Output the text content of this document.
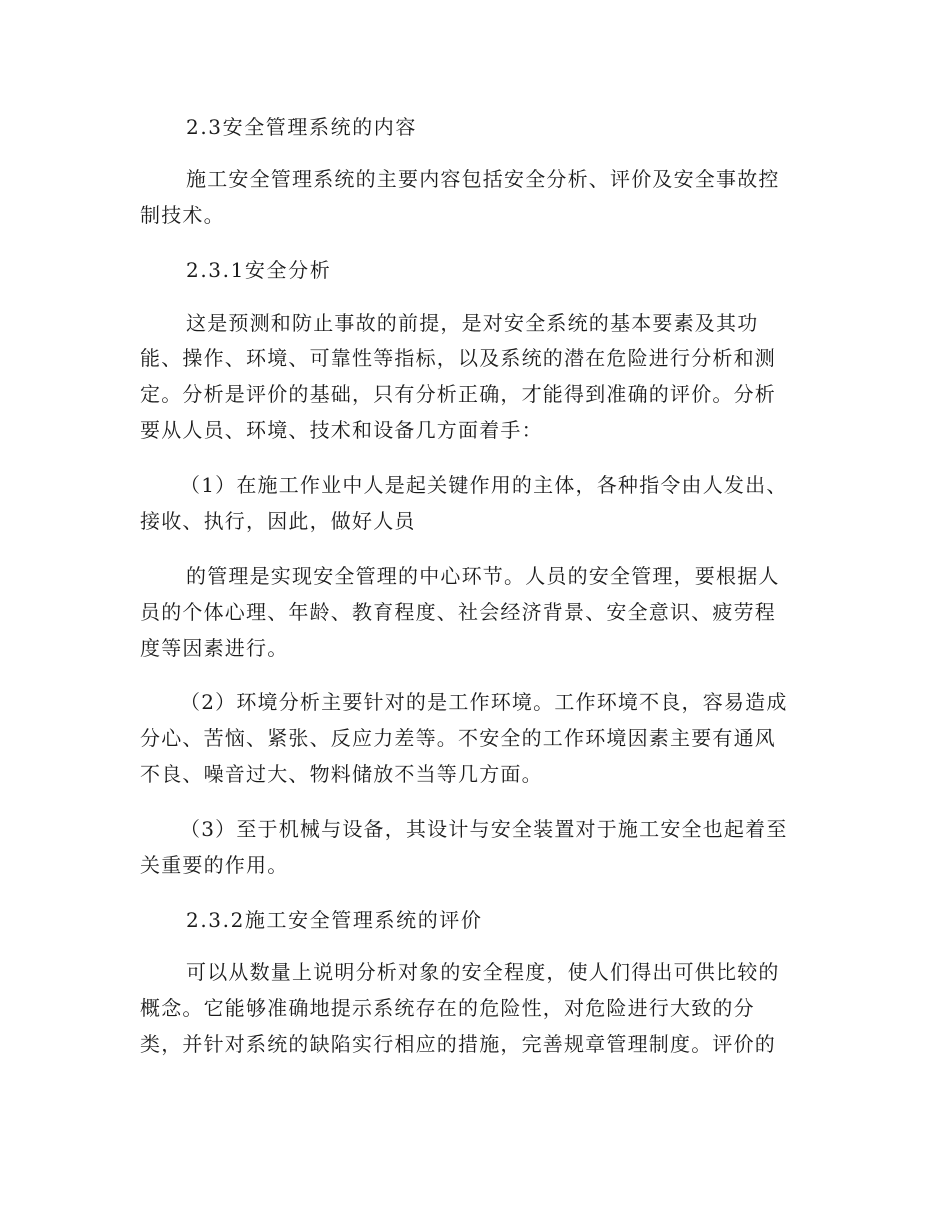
2.3安全管理系统的内容
施工安全管理系统的主要内容包括安全分析、评价及安全事故控
制技术。
2.3.1安全分析
这是预测和防止事故的前提，是对安全系统的基本要素及其功
能、操作、环境、可靠性等指标，以及系统的潜在危险进行分析和测
定。分析是评价的基础，只有分析正确，才能得到准确的评价。分析
要从人员、环境、技术和设备几方面着手：
（1）在施工作业中人是起关键作用的主体，各种指令由人发出、
接收、执行，因此，做好人员
的管理是实现安全管理的中心环节。人员的安全管理，要根据人
员的个体心理、年龄、教育程度、社会经济背景、安全意识、疲劳程
度等因素进行。
（2）环境分析主要针对的是工作环境。工作环境不良，容易造成
分心、苦恼、紧张、反应力差等。不安全的工作环境因素主要有通风
不良、噪音过大、物料储放不当等几方面。
（3）至于机械与设备，其设计与安全装置对于施工安全也起着至
关重要的作用。
2.3.2施工安全管理系统的评价
可以从数量上说明分析对象的安全程度，使人们得出可供比较的
概念。它能够准确地提示系统存在的危险性，对危险进行大致的分
类，并针对系统的缺陷实行相应的措施，完善规章管理制度。评价的
